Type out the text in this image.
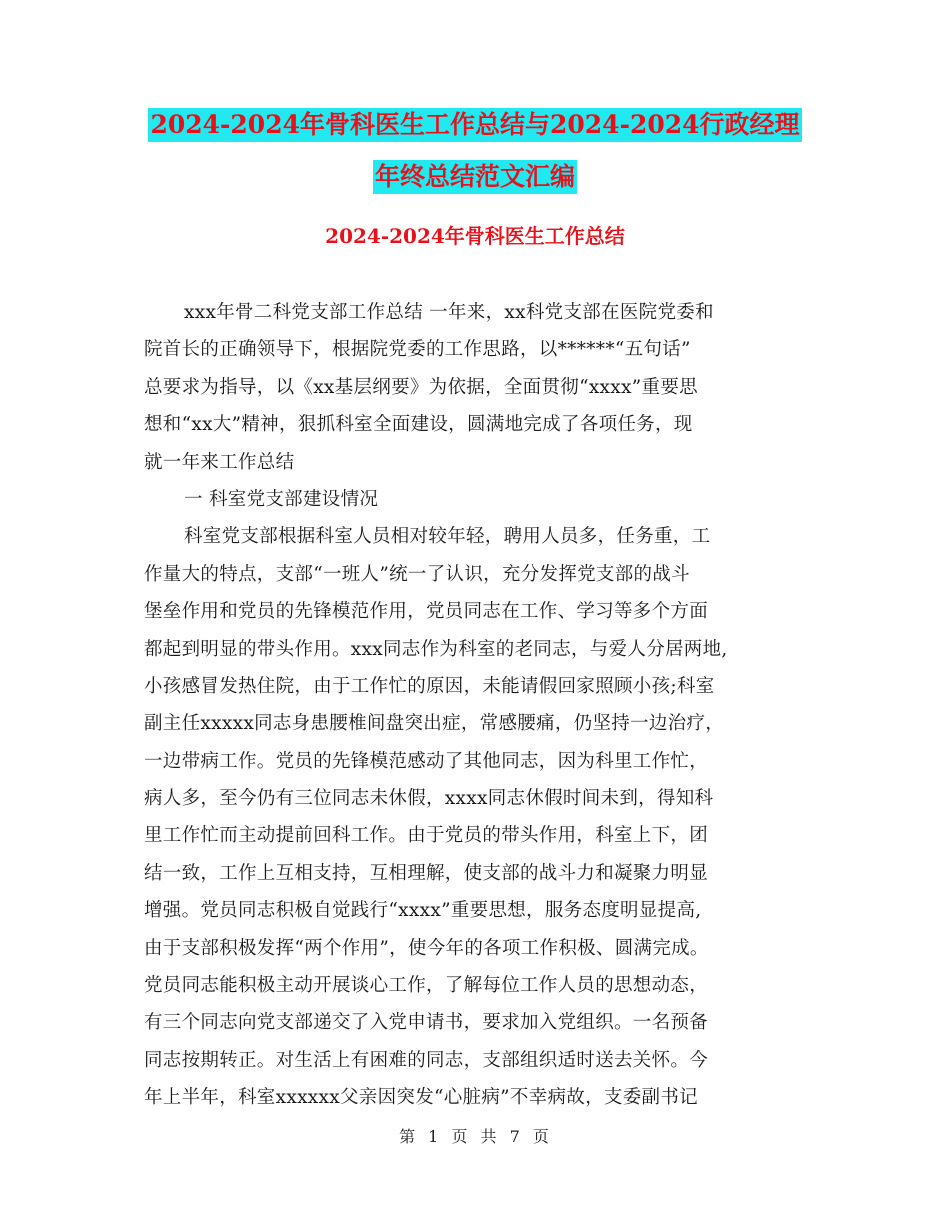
2024-2024年骨科医生工作总结与2024-2024行政经理
年终总结范文汇编
2024-2024年骨科医生工作总结
xxx年骨二科党支部工作总结 一年来，xx科党支部在医院党委和
院首长的正确领导下，根据院党委的工作思路，以******“五句话”
总要求为指导，以《xx基层纲要》为依据，全面贯彻“xxxx”重要思
想和“xx大”精神，狠抓科室全面建设，圆满地完成了各项任务，现
就一年来工作总结
一 科室党支部建设情况
科室党支部根据科室人员相对较年轻，聘用人员多，任务重，工
作量大的特点，支部“一班人”统一了认识，充分发挥党支部的战斗
堡垒作用和党员的先锋模范作用，党员同志在工作、学习等多个方面
都起到明显的带头作用。xxx同志作为科室的老同志，与爱人分居两地,
小孩感冒发热住院，由于工作忙的原因，未能请假回家照顾小孩;科室
副主任xxxxx同志身患腰椎间盘突出症，常感腰痛，仍坚持一边治疗，
一边带病工作。党员的先锋模范感动了其他同志，因为科里工作忙，
病人多，至今仍有三位同志未休假，xxxx同志休假时间未到，得知科
里工作忙而主动提前回科工作。由于党员的带头作用，科室上下，团
结一致，工作上互相支持，互相理解，使支部的战斗力和凝聚力明显
增强。党员同志积极自觉践行“xxxx”重要思想，服务态度明显提高,
由于支部积极发挥“两个作用”，使今年的各项工作积极、圆满完成。
党员同志能积极主动开展谈心工作，了解每位工作人员的思想动态，
有三个同志向党支部递交了入党申请书，要求加入党组织。一名预备
同志按期转正。对生活上有困难的同志，支部组织适时送去关怀。今
年上半年，科室xxxxxx父亲因突发“心脏病”不幸病故，支委副书记
第 1 页 共 7 页
